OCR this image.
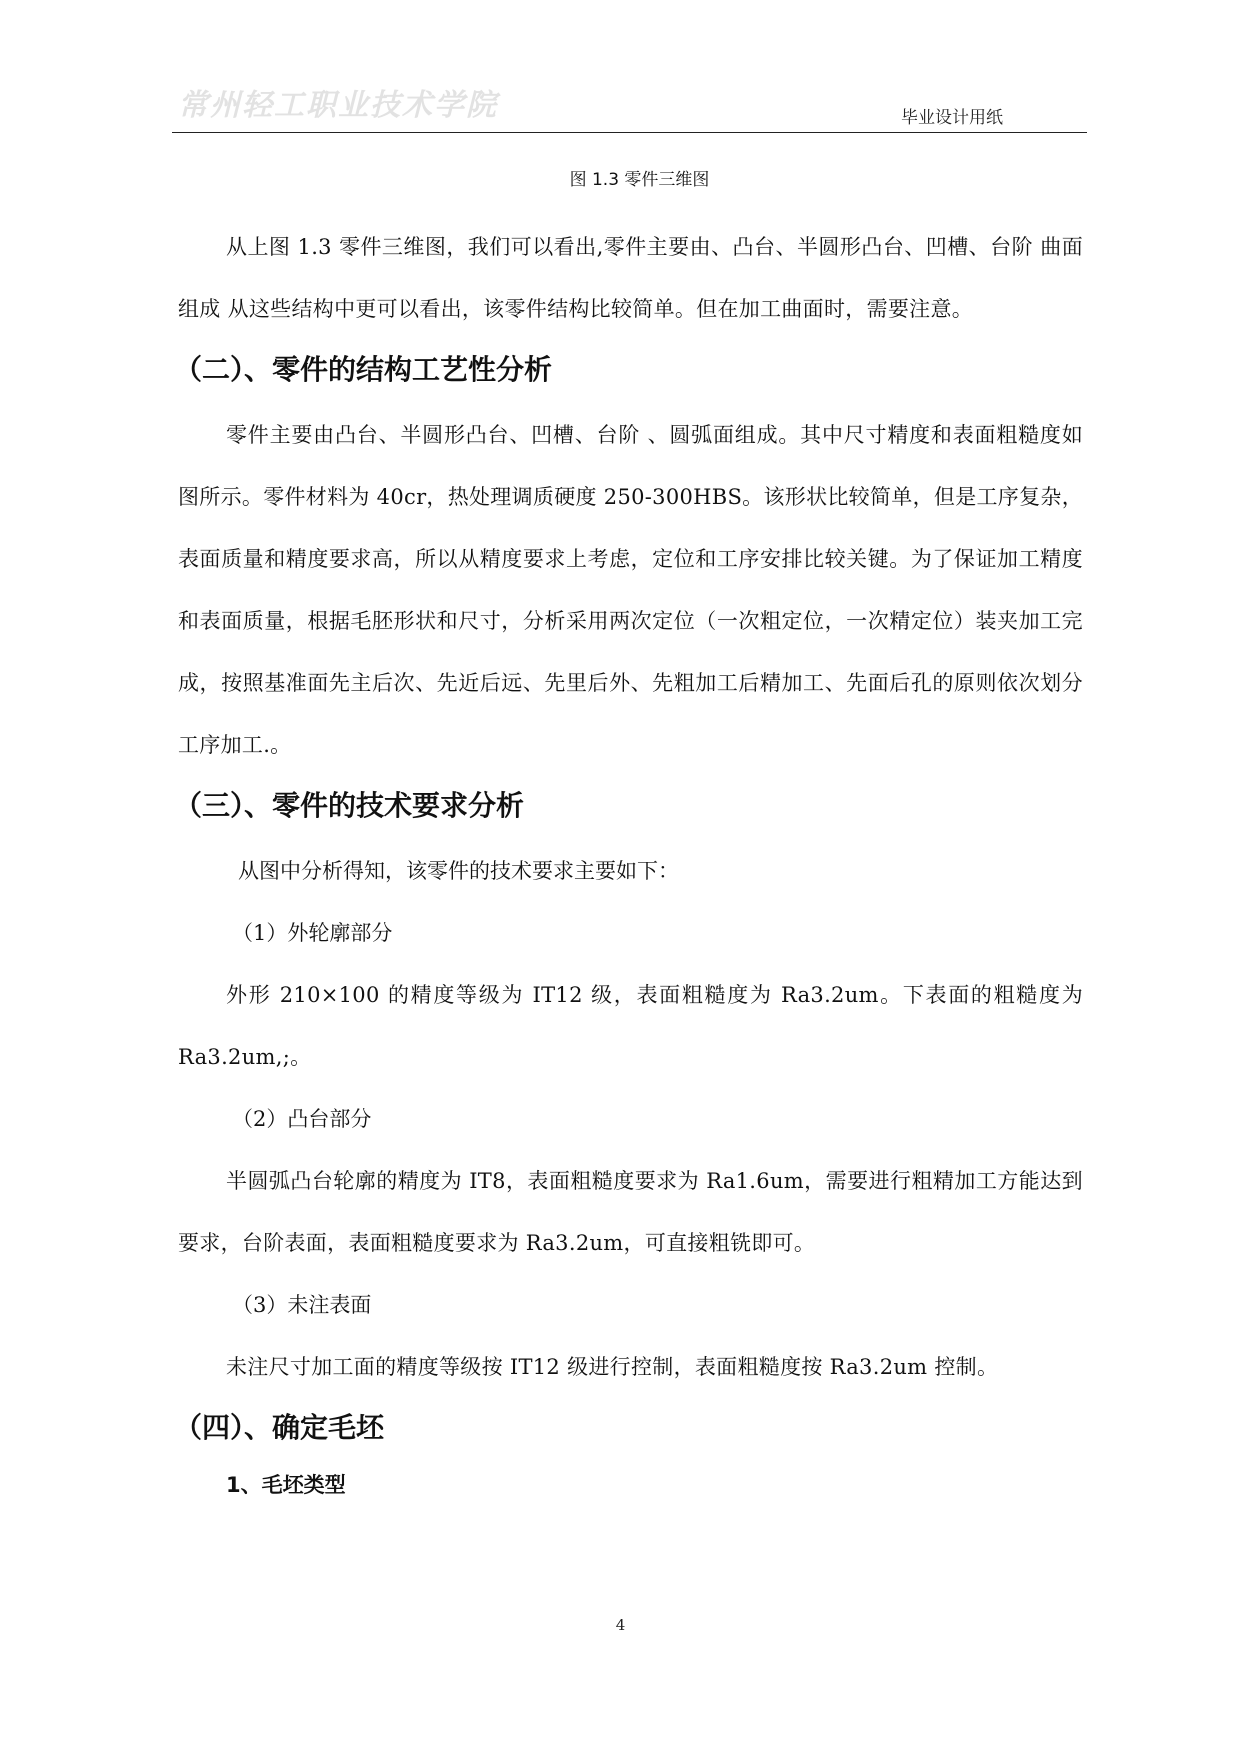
常州轻工职业技术学院	毕业设计用纸

图 1.3 零件三维图

从上图 1.3 零件三维图，我们可以看出,零件主要由、凸台、半圆形凸台、凹槽、台阶 曲面组成 从这些结构中更可以看出，该零件结构比较简单。但在加工曲面时，需要注意。

（二）、零件的结构工艺性分析

零件主要由凸台、半圆形凸台、凹槽、台阶 、圆弧面组成。其中尺寸精度和表面粗糙度如图所示。零件材料为 40cr，热处理调质硬度 250-300HBS。该形状比较简单，但是工序复杂，表面质量和精度要求高，所以从精度要求上考虑，定位和工序安排比较关键。为了保证加工精度和表面质量，根据毛胚形状和尺寸，分析采用两次定位（一次粗定位，一次精定位）装夹加工完成，按照基准面先主后次、先近后远、先里后外、先粗加工后精加工、先面后孔的原则依次划分工序加工.。

（三）、零件的技术要求分析

从图中分析得知，该零件的技术要求主要如下：

（1）外轮廓部分

外形 210×100 的精度等级为 IT12 级，表面粗糙度为 Ra3.2um。下表面的粗糙度为 Ra3.2um,;。

（2）凸台部分

半圆弧凸台轮廓的精度为 IT8，表面粗糙度要求为 Ra1.6um，需要进行粗精加工方能达到要求，台阶表面，表面粗糙度要求为 Ra3.2um，可直接粗铣即可。

（3）未注表面

未注尺寸加工面的精度等级按 IT12 级进行控制，表面粗糙度按 Ra3.2um 控制。

（四）、确定毛坯
1、毛坯类型
4
